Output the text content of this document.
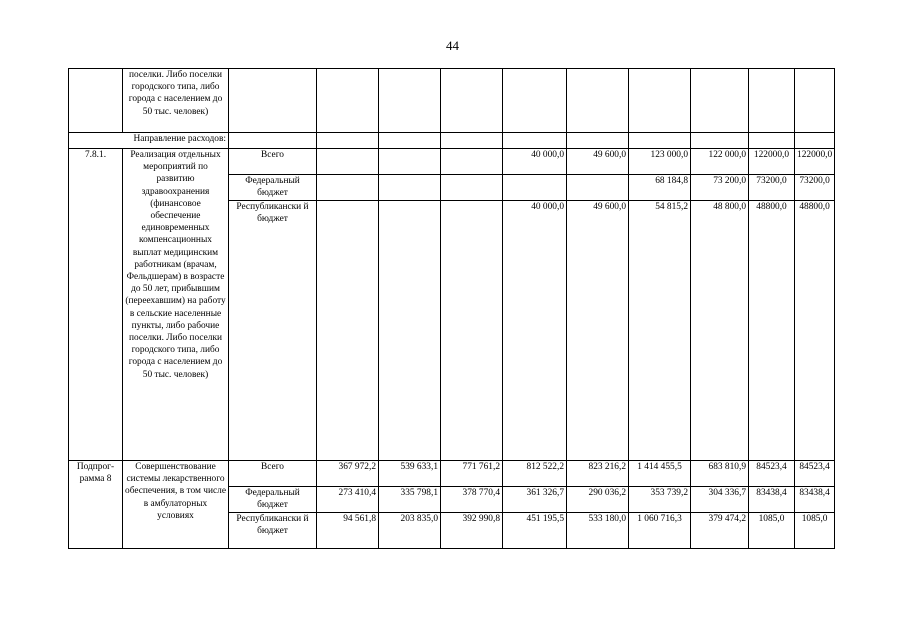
44
	поселки. Либо поселки городского типа, либо города с населением до 50 тыс. человек)										
Направление расходов:											
7.8.1.	Реализация отдельных мероприятий по развитию здравоохранения (финансовое обеспечение единовременных компенсационных выплат медицинским работникам (врачам, Фельдшерам) в возрасте до 50 лет, прибывшим (переехавшим) на работу в сельские населенные пункты, либо рабочие поселки. Либо поселки городского типа, либо города с населением до 50 тыс. человек)	Всего				40 000,0	49 600,0	123 000,0	122 000,0	122000,0	122000,0
		Федеральный бюджет						68 184,8	73 200,0	73200,0	73200,0
		Республикански й бюджет				40 000,0	49 600,0	54 815,2	48 800,0	48800,0	48800,0
Подпрог-рамма 8	Совершенствование системы лекарственного обеспечения, в том числе в амбулаторных условиях	Всего	367 972,2	539 633,1	771 761,2	812 522,2	823 216,2	1 414 455,5	683 810,9	84523,4	84523,4
		Федеральный бюджет	273 410,4	335 798,1	378 770,4	361 326,7	290 036,2	353 739,2	304 336,7	83438,4	83438,4
		Республикански й бюджет	94 561,8	203 835,0	392 990,8	451 195,5	533 180,0	1 060 716,3	379 474,2	1085,0	1085,0
